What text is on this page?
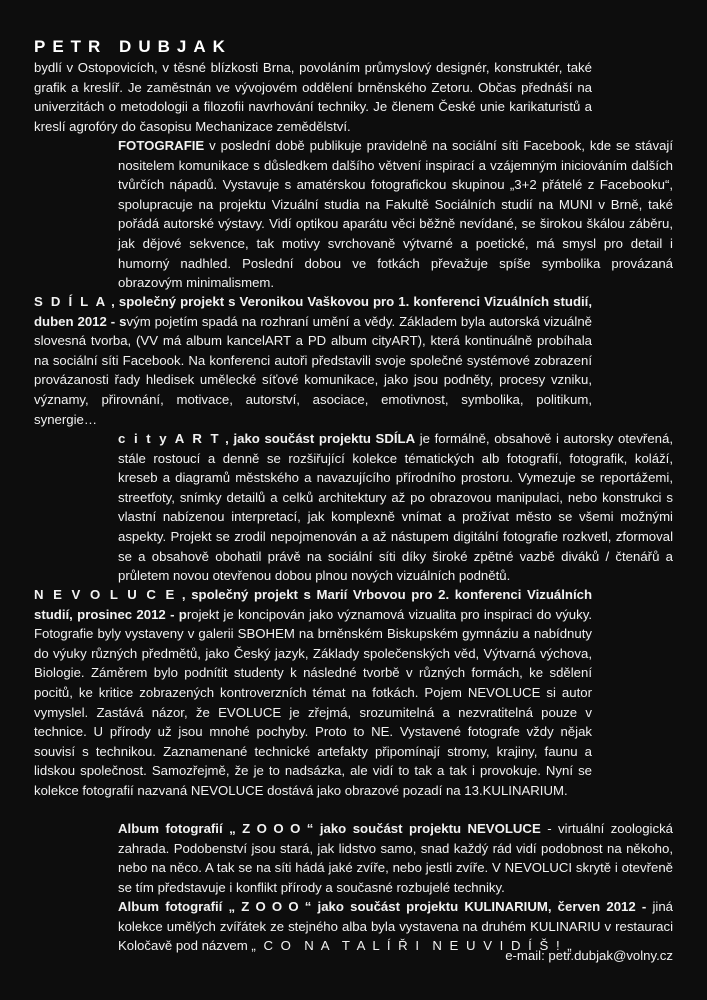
PETR DUBJAK

bydlí v Ostopovicích, v těsné blízkosti Brna, povoláním průmyslový designér, konstruktér, také grafik a kreslíř. Je zaměstnán ve vývojovém oddělení brněnského Zetoru. Občas přednáší na univerzitách o metodologii a filozofii navrhování techniky. Je členem České unie karikaturistů a kreslí agrofóry do časopisu Mechanizace zemědělství.

FOTOGRAFIE v poslední době publikuje pravidelně na sociální síti Facebook, kde se stávají nositelem komunikace s důsledkem dalšího větvení inspirací a vzájemným iniciováním dalších tvůrčích nápadů. Vystavuje s amatérskou fotografickou skupinou „3+2 přátelé z Facebooku“, spolupracuje na projektu Vizuální studia na Fakultě Sociálních studií na MUNI v Brně, také pořádá autorské výstavy. Vidí optikou aparátu věci běžně nevídané, se širokou škálou záběru, jak dějové sekvence, tak motivy svrchovaně výtvarné a poetické, má smysl pro detail i humorný nadhled. Poslední dobou ve fotkách převažuje spíše symbolika provázaná obrazovým minimalismem.

S D Í L A , společný projekt s Veronikou Vaškovou pro 1. konferenci Vizuálních studií, duben 2012 - svým pojetím spadá na rozhraní umění a vědy. Základem byla autorská vizuálně slovesná tvorba, (VV má album kancelART a PD album cityART), která kontinuálně probíhala na sociální síti Facebook. Na konferenci autoři představili svoje společné systémové zobrazení provázanosti řady hledisek umělecké síťové komunikace, jako jsou podněty, procesy vzniku, významy, přirovnání, motivace, autorství, asociace, emotivnost, symbolika, politikum, synergie…

c i t y A R T , jako součást projektu SDÍLA je formálně, obsahově i autorsky otevřená, stále rostoucí a denně se rozšiřující kolekce tématických alb fotografií, fotografik, koláží, kreseb a diagramů městského a navazujícího přírodního prostoru. Vymezuje se reportážemi, streetfoty, snímky detailů a celků architektury až po obrazovou manipulaci, nebo konstrukci s vlastní nabízenou interpretací, jak komplexně vnímat a prožívat město se všemi možnými aspekty. Projekt se zrodil nepojmenován a až nástupem digitální fotografie rozkvetl, zformoval se a obsahově obohatil právě na sociální síti díky široké zpětné vazbě diváků / čtenářů a průletem novou otevřenou dobou plnou nových vizuálních podnětů.

N E V O L U C E , společný projekt s Marií Vrbovou pro 2. konferenci Vizuálních studií, prosinec 2012 - projekt je koncipován jako významová vizualita pro inspiraci do výuky. Fotografie byly vystaveny v galerii SBOHEM na brněnském Biskupském gymnáziu a nabídnuty do výuky různých předmětů, jako Český jazyk, Základy společenských věd, Výtvarná výchova, Biologie. Záměrem bylo podnítit studenty k následné tvorbě v různých formách, ke sdělení pocitů, ke kritice zobrazených kontroverzních témat na fotkách. Pojem NEVOLUCE si autor vymyslel. Zastává názor, že EVOLUCE je zřejmá, srozumitelná a nezvratitelná pouze v technice. U přírody už jsou mnohé pochyby. Proto to NE. Vystavené fotografe vždy nějak souvisí s technikou. Zaznamenané technické artefakty připomínají stromy, krajiny, faunu a lidskou společnost. Samozřejmě, že je to nadsázka, ale vidí to tak a tak i provokuje. Nyní se kolekce fotografií nazvaná NEVOLUCE dostává jako obrazové pozadí na 13.KULINARIUM.

Album fotografií „ Z O O O “ jako součást projektu NEVOLUCE - virtuální zoologická zahrada. Podobenství jsou stará, jak lidstvo samo, snad každý rád vidí podobnost na někoho, nebo na něco. A tak se na síti hádá jaké zvíře, nebo jestli zvíře. V NEVOLUCI skrytě i otevřeně se tím představuje i konflikt přírody a současné rozbujelé techniky.

Album fotografií „ Z O O O “ jako součást projektu KULINARIUM, červen 2012 - jiná kolekce umělých zvířátek ze stejného alba byla vystavena na druhém KULINARIU v restauraci Koločavě pod názvem „ C O  N A  T A L Í Ř I  N E U V I D Í Š ! „

e-mail: petr.dubjak@volny.cz
